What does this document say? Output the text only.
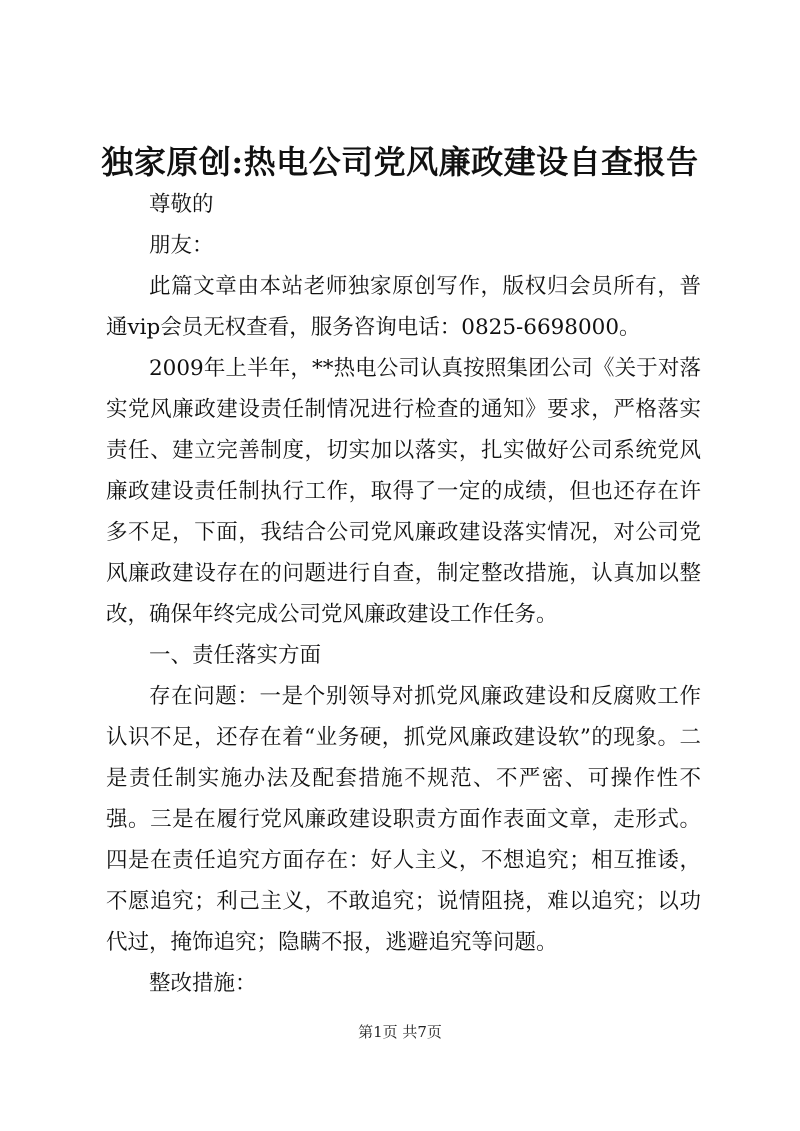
独家原创:热电公司党风廉政建设自查报告

尊敬的

朋友：

此篇文章由本站老师独家原创写作，版权归会员所有，普通vip会员无权查看，服务咨询电话：0825-6698000。

2009年上半年，**热电公司认真按照集团公司《关于对落实党风廉政建设责任制情况进行检查的通知》要求，严格落实责任、建立完善制度，切实加以落实，扎实做好公司系统党风廉政建设责任制执行工作，取得了一定的成绩，但也还存在许多不足，下面，我结合公司党风廉政建设落实情况，对公司党风廉政建设存在的问题进行自查，制定整改措施，认真加以整改，确保年终完成公司党风廉政建设工作任务。

一、责任落实方面

存在问题：一是个别领导对抓党风廉政建设和反腐败工作认识不足，还存在着“业务硬，抓党风廉政建设软”的现象。二是责任制实施办法及配套措施不规范、不严密、可操作性不强。三是在履行党风廉政建设职责方面作表面文章，走形式。四是在责任追究方面存在：好人主义，不想追究；相互推诿，不愿追究；利己主义，不敢追究；说情阻挠，难以追究；以功代过，掩饰追究；隐瞒不报，逃避追究等问题。

整改措施：

第1页 共7页
